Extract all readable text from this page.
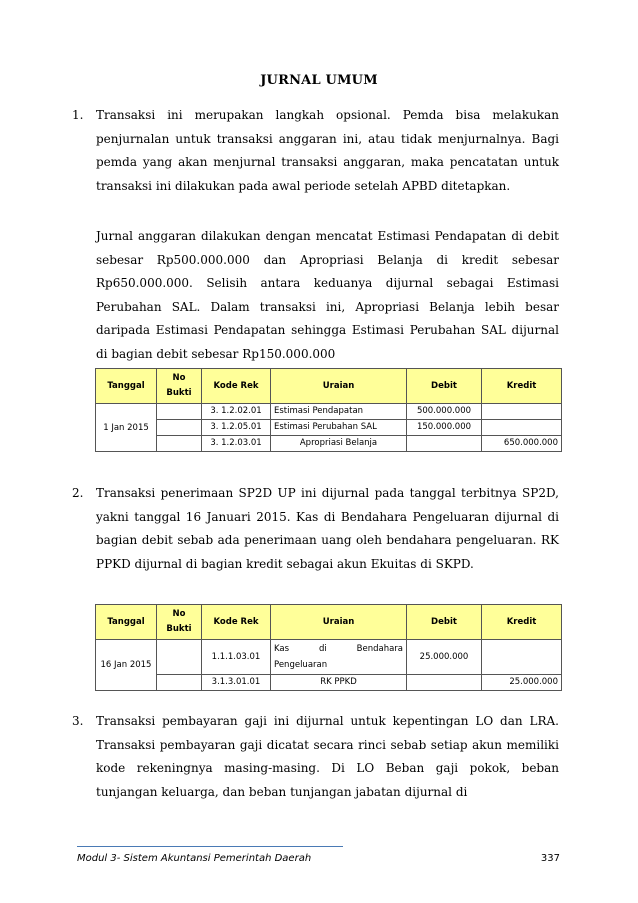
JURNAL UMUM
1. Transaksi ini merupakan langkah opsional. Pemda bisa melakukan penjurnalan untuk transaksi anggaran ini, atau tidak menjurnalnya. Bagi pemda yang akan menjurnal transaksi anggaran, maka pencatatan untuk transaksi ini dilakukan pada awal periode setelah APBD ditetapkan.
Jurnal anggaran dilakukan dengan mencatat Estimasi Pendapatan di debit sebesar Rp500.000.000 dan Apropriasi Belanja di kredit sebesar Rp650.000.000. Selisih antara keduanya dijurnal sebagai Estimasi Perubahan SAL. Dalam transaksi ini, Apropriasi Belanja lebih besar daripada Estimasi Pendapatan sehingga Estimasi Perubahan SAL dijurnal di bagian debit sebesar Rp150.000.000
Tanggal	No Bukti	Kode Rek	Uraian	Debit	Kredit
1 Jan 2015		3. 1.2.02.01	Estimasi Pendapatan	500.000.000	
		3. 1.2.05.01	Estimasi Perubahan SAL	150.000.000	
		3. 1.2.03.01	Apropriasi Belanja		650.000.000
2. Transaksi penerimaan SP2D UP ini dijurnal pada tanggal terbitnya SP2D, yakni tanggal 16 Januari 2015. Kas di Bendahara Pengeluaran dijurnal di bagian debit sebab ada penerimaan uang oleh bendahara pengeluaran. RK PPKD dijurnal di bagian kredit sebagai akun Ekuitas di SKPD.
Tanggal	No Bukti	Kode Rek	Uraian	Debit	Kredit
16 Jan 2015		1.1.1.03.01	Kas di Bendahara Pengeluaran	25.000.000	
		3.1.3.01.01	RK PPKD		25.000.000
3. Transaksi pembayaran gaji ini dijurnal untuk kepentingan LO dan LRA. Transaksi pembayaran gaji dicatat secara rinci sebab setiap akun memiliki kode rekeningnya masing-masing. Di LO Beban gaji pokok, beban tunjangan keluarga, dan beban tunjangan jabatan dijurnal di
Modul 3- Sistem Akuntansi Pemerintah Daerah	337
